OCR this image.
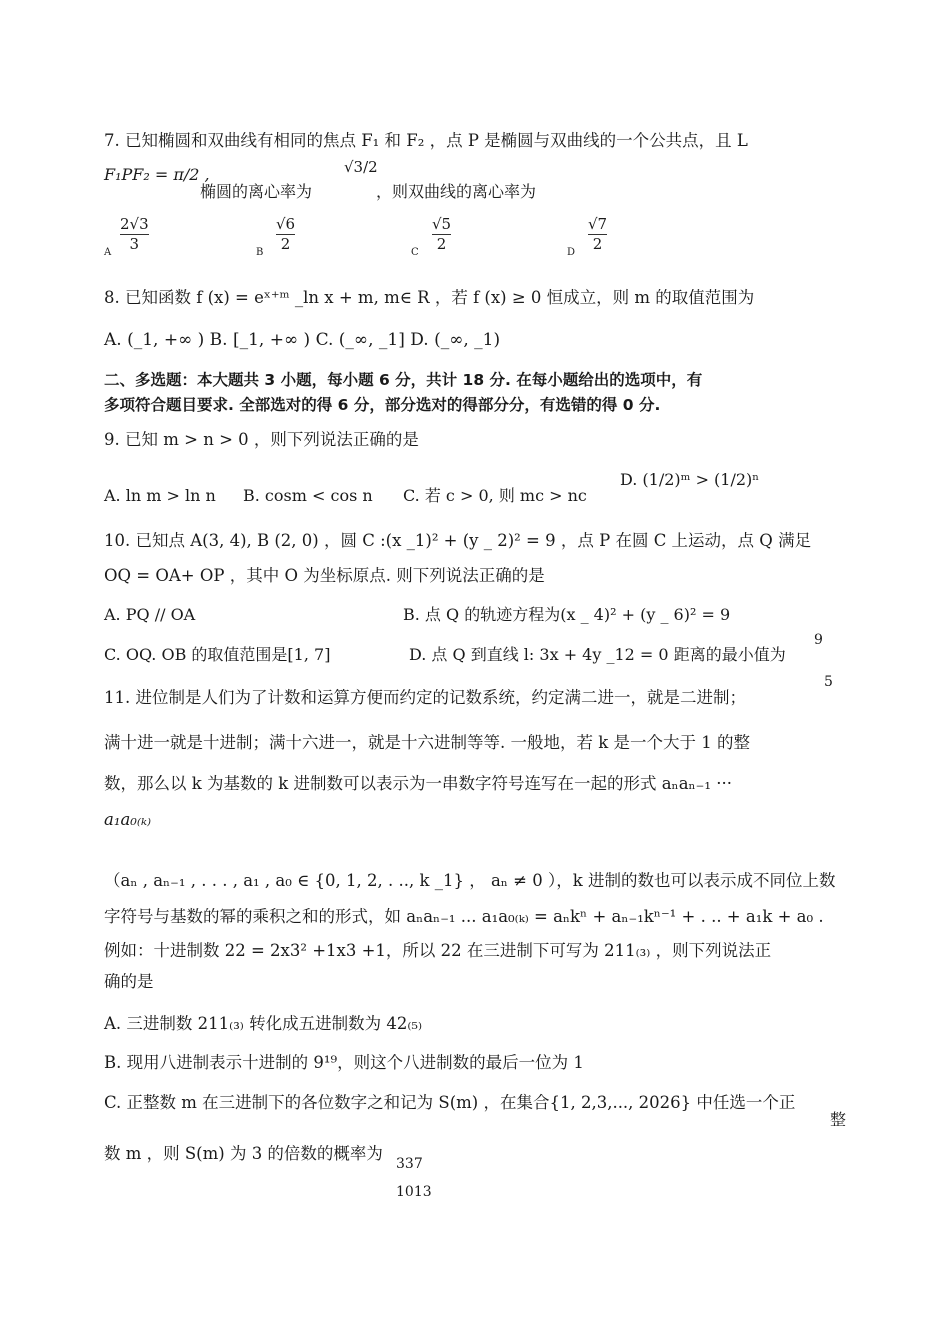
7. 已知椭圆和双曲线有相同的焦点 F₁ 和 F₂ ，点 P 是椭圆与双曲线的一个公共点，且 L
F₁PF₂ = π/2 ,
椭圆的离心率为
√3/2
，则双曲线的离心率为
A
2√3
3	B
√6
2	C
√5
2	D
√7
2
8. 已知函数 f (x) = eˣ⁺ᵐ _ln x + m, m∈ R ，若 f (x) ≥ 0 恒成立，则 m 的取值范围为
A. (_1, +∞ ) B. [_1, +∞ ) C. (_∞, _1] D. (_∞, _1)
二、多选题：本大题共 3 小题，每小题 6 分，共计 18 分. 在每小题给出的选项中，有
多项符合题目要求. 全部选对的得 6 分，部分选对的得部分分，有选错的得 0 分.
9. 已知 m > n > 0 ，则下列说法正确的是
A. ln m > ln n B. cosm < cos n C. 若 c > 0, 则 mc > nc
D. (1/2)ᵐ > (1/2)ⁿ
10. 已知点 A(3, 4), B (2, 0) ，圆 C :(x _1)² + (y _ 2)² = 9 ，点 P 在圆 C 上运动，点 Q 满足
OQ = OA+ OP ，其中 O 为坐标原点. 则下列说法正确的是
A. PQ // OA	B. 点 Q 的轨迹方程为(x _ 4)² + (y _ 6)² = 9
C. OQ. OB 的取值范围是[1, 7]	D. 点 Q 到直线 l: 3x + 4y _12 = 0 距离的最小值为
9
5
11. 进位制是人们为了计数和运算方便而约定的记数系统，约定满二进一，就是二进制；
满十进一就是十进制；满十六进一，就是十六进制等等. 一般地，若 k 是一个大于 1 的整
数，那么以 k 为基数的 k 进制数可以表示为一串数字符号连写在一起的形式 aₙaₙ₋₁ ···
a₁a₀₍ₖ₎
（aₙ , aₙ₋₁ , . . . , a₁ , a₀ ∈ {0, 1, 2, . .., k _1} ， aₙ ≠ 0 ），k 进制的数也可以表示成不同位上数
字符号与基数的幂的乘积之和的形式，如 aₙaₙ₋₁ ... a₁a₀₍ₖ₎ = aₙkⁿ + aₙ₋₁kⁿ⁻¹ + . .. + a₁k + a₀ .
例如：十进制数 22 = 2x3² +1x3 +1，所以 22 在三进制下可写为 211₍₃₎ ，则下列说法正
确的是
A. 三进制数 211₍₃₎ 转化成五进制数为 42₍₅₎
B. 现用八进制表示十进制的 9¹⁹，则这个八进制数的最后一位为 1
C. 正整数 m 在三进制下的各位数字之和记为 S(m) ，在集合{1, 2,3,..., 2026} 中任选一个正
整
数 m ，则 S(m) 为 3 的倍数的概率为
337
1013
